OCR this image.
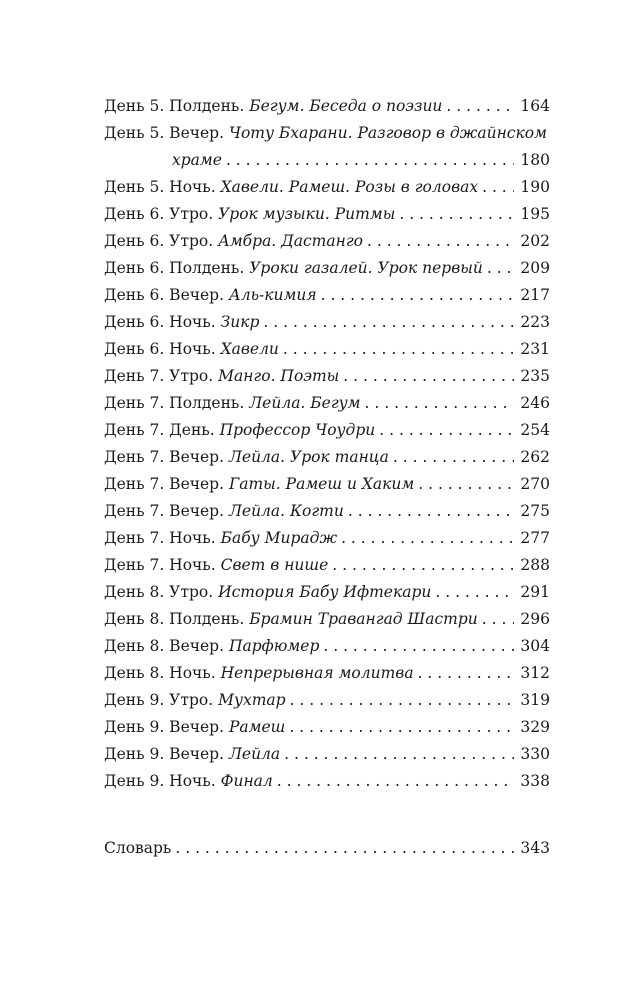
День 5. Полдень. Бегум. Беседа о поэзии . . .	164
День 5. Вечер. Чоту Бхарани. Разговор в джайнском
храме . . .	180
День 5. Ночь. Хавели. Рамеш. Розы в головах . . .	190
День 6. Утро. Урок музыки. Ритмы . . .	195
День 6. Утро. Амбра. Дастанго . . .	202
День 6. Полдень. Уроки газалей. Урок первый . . . 209
День 6. Вечер. Аль-кимия . . .	217
День 6. Ночь. Зикр . . .	223
День 6. Ночь. Хавели . . .	231
День 7. Утро. Манго. Поэты . . .	235
День 7. Полдень. Лейла. Бегум . . .	246
День 7. День. Профессор Чоудри . . .	254
День 7. Вечер. Лейла. Урок танца . . .	262
День 7. Вечер. Гаты. Рамеш и Хаким . . .	270
День 7. Вечер. Лейла. Когти . . .	275
День 7. Ночь. Бабу Мирадж . . .	277
День 7. Ночь. Свет в нише . . .	288
День 8. Утро. История Бабу Ифтекари . . .	291
День 8. Полдень. Брамин Травангад Шастри . . .	296
День 8. Вечер. Парфюмер . . .	304
День 8. Ночь. Непрерывная молитва . . .	312
День 9. Утро. Мухтар . . .	319
День 9. Вечер. Рамеш . . .	329
День 9. Вечер. Лейла . . .	330
День 9. Ночь. Финал . . .	338
Словарь . . .	343
